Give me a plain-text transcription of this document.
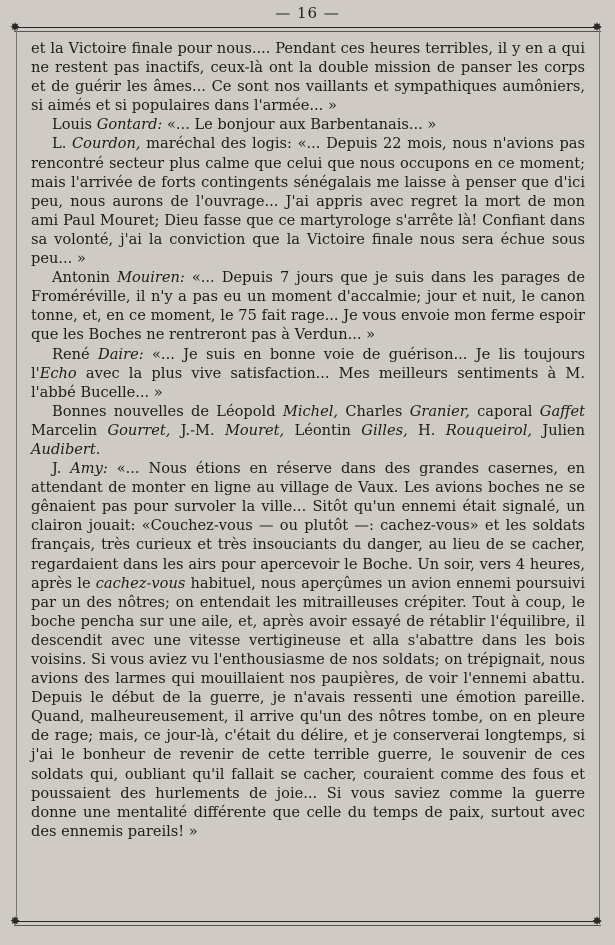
— 16 —
✸	✸
✸	✸

et la Victoire finale pour nous.... Pendant ces heures terribles, il y en a qui ne restent pas inactifs, ceux-là ont la double mission de panser les corps et de guérir les âmes... Ce sont nos vaillants et sympathiques aumôniers, si aimés et si populaires dans l'armée... »

Louis Gontard: «... Le bonjour aux Barbentanais... »

L. Courdon, maréchal des logis: «... Depuis 22 mois, nous n'avions pas rencontré secteur plus calme que celui que nous occupons en ce moment; mais l'arrivée de forts contingents sénégalais me laisse à penser que d'ici peu, nous aurons de l'ouvrage... J'ai appris avec regret la mort de mon ami Paul Mouret; Dieu fasse que ce martyrologe s'arrête là! Confiant dans sa volonté, j'ai la conviction que la Victoire finale nous sera échue sous peu... »

Antonin Mouiren: «... Depuis 7 jours que je suis dans les parages de Froméréville, il n'y a pas eu un moment d'accalmie; jour et nuit, le canon tonne, et, en ce moment, le 75 fait rage... Je vous envoie mon ferme espoir que les Boches ne rentreront pas à Verdun... »

René Daire: «... Je suis en bonne voie de guérison... Je lis toujours l'Echo avec la plus vive satisfaction... Mes meilleurs sentiments à M. l'abbé Bucelle... »

Bonnes nouvelles de Léopold Michel, Charles Granier, caporal Gaffet Marcelin Gourret, J.-M. Mouret, Léontin Gilles, H. Rouqueirol, Julien Audibert.

J. Amy: «... Nous étions en réserve dans des grandes casernes, en attendant de monter en ligne au village de Vaux. Les avions boches ne se gênaient pas pour survoler la ville... Sitôt qu'un ennemi était signalé, un clairon jouait: «Couchez-vous — ou plutôt —: cachez-vous» et les soldats français, très curieux et très insouciants du danger, au lieu de se cacher, regardaient dans les airs pour apercevoir le Boche. Un soir, vers 4 heures, après le cachez-vous habituel, nous aperçûmes un avion ennemi poursuivi par un des nôtres; on entendait les mitrailleuses crépiter. Tout à coup, le boche pencha sur une aile, et, après avoir essayé de rétablir l'équilibre, il descendit avec une vitesse vertigineuse et alla s'abattre dans les bois voisins. Si vous aviez vu l'enthousiasme de nos soldats; on trépignait, nous avions des larmes qui mouillaient nos paupières, de voir l'ennemi abattu. Depuis le début de la guerre, je n'avais ressenti une émotion pareille. Quand, malheureusement, il arrive qu'un des nôtres tombe, on en pleure de rage; mais, ce jour-là, c'était du délire, et je conserverai longtemps, si j'ai le bonheur de revenir de cette terrible guerre, le souvenir de ces soldats qui, oubliant qu'il fallait se cacher, couraient comme des fous et poussaient des hurlements de joie... Si vous saviez comme la guerre donne une mentalité différente que celle du temps de paix, surtout avec des ennemis pareils! »
